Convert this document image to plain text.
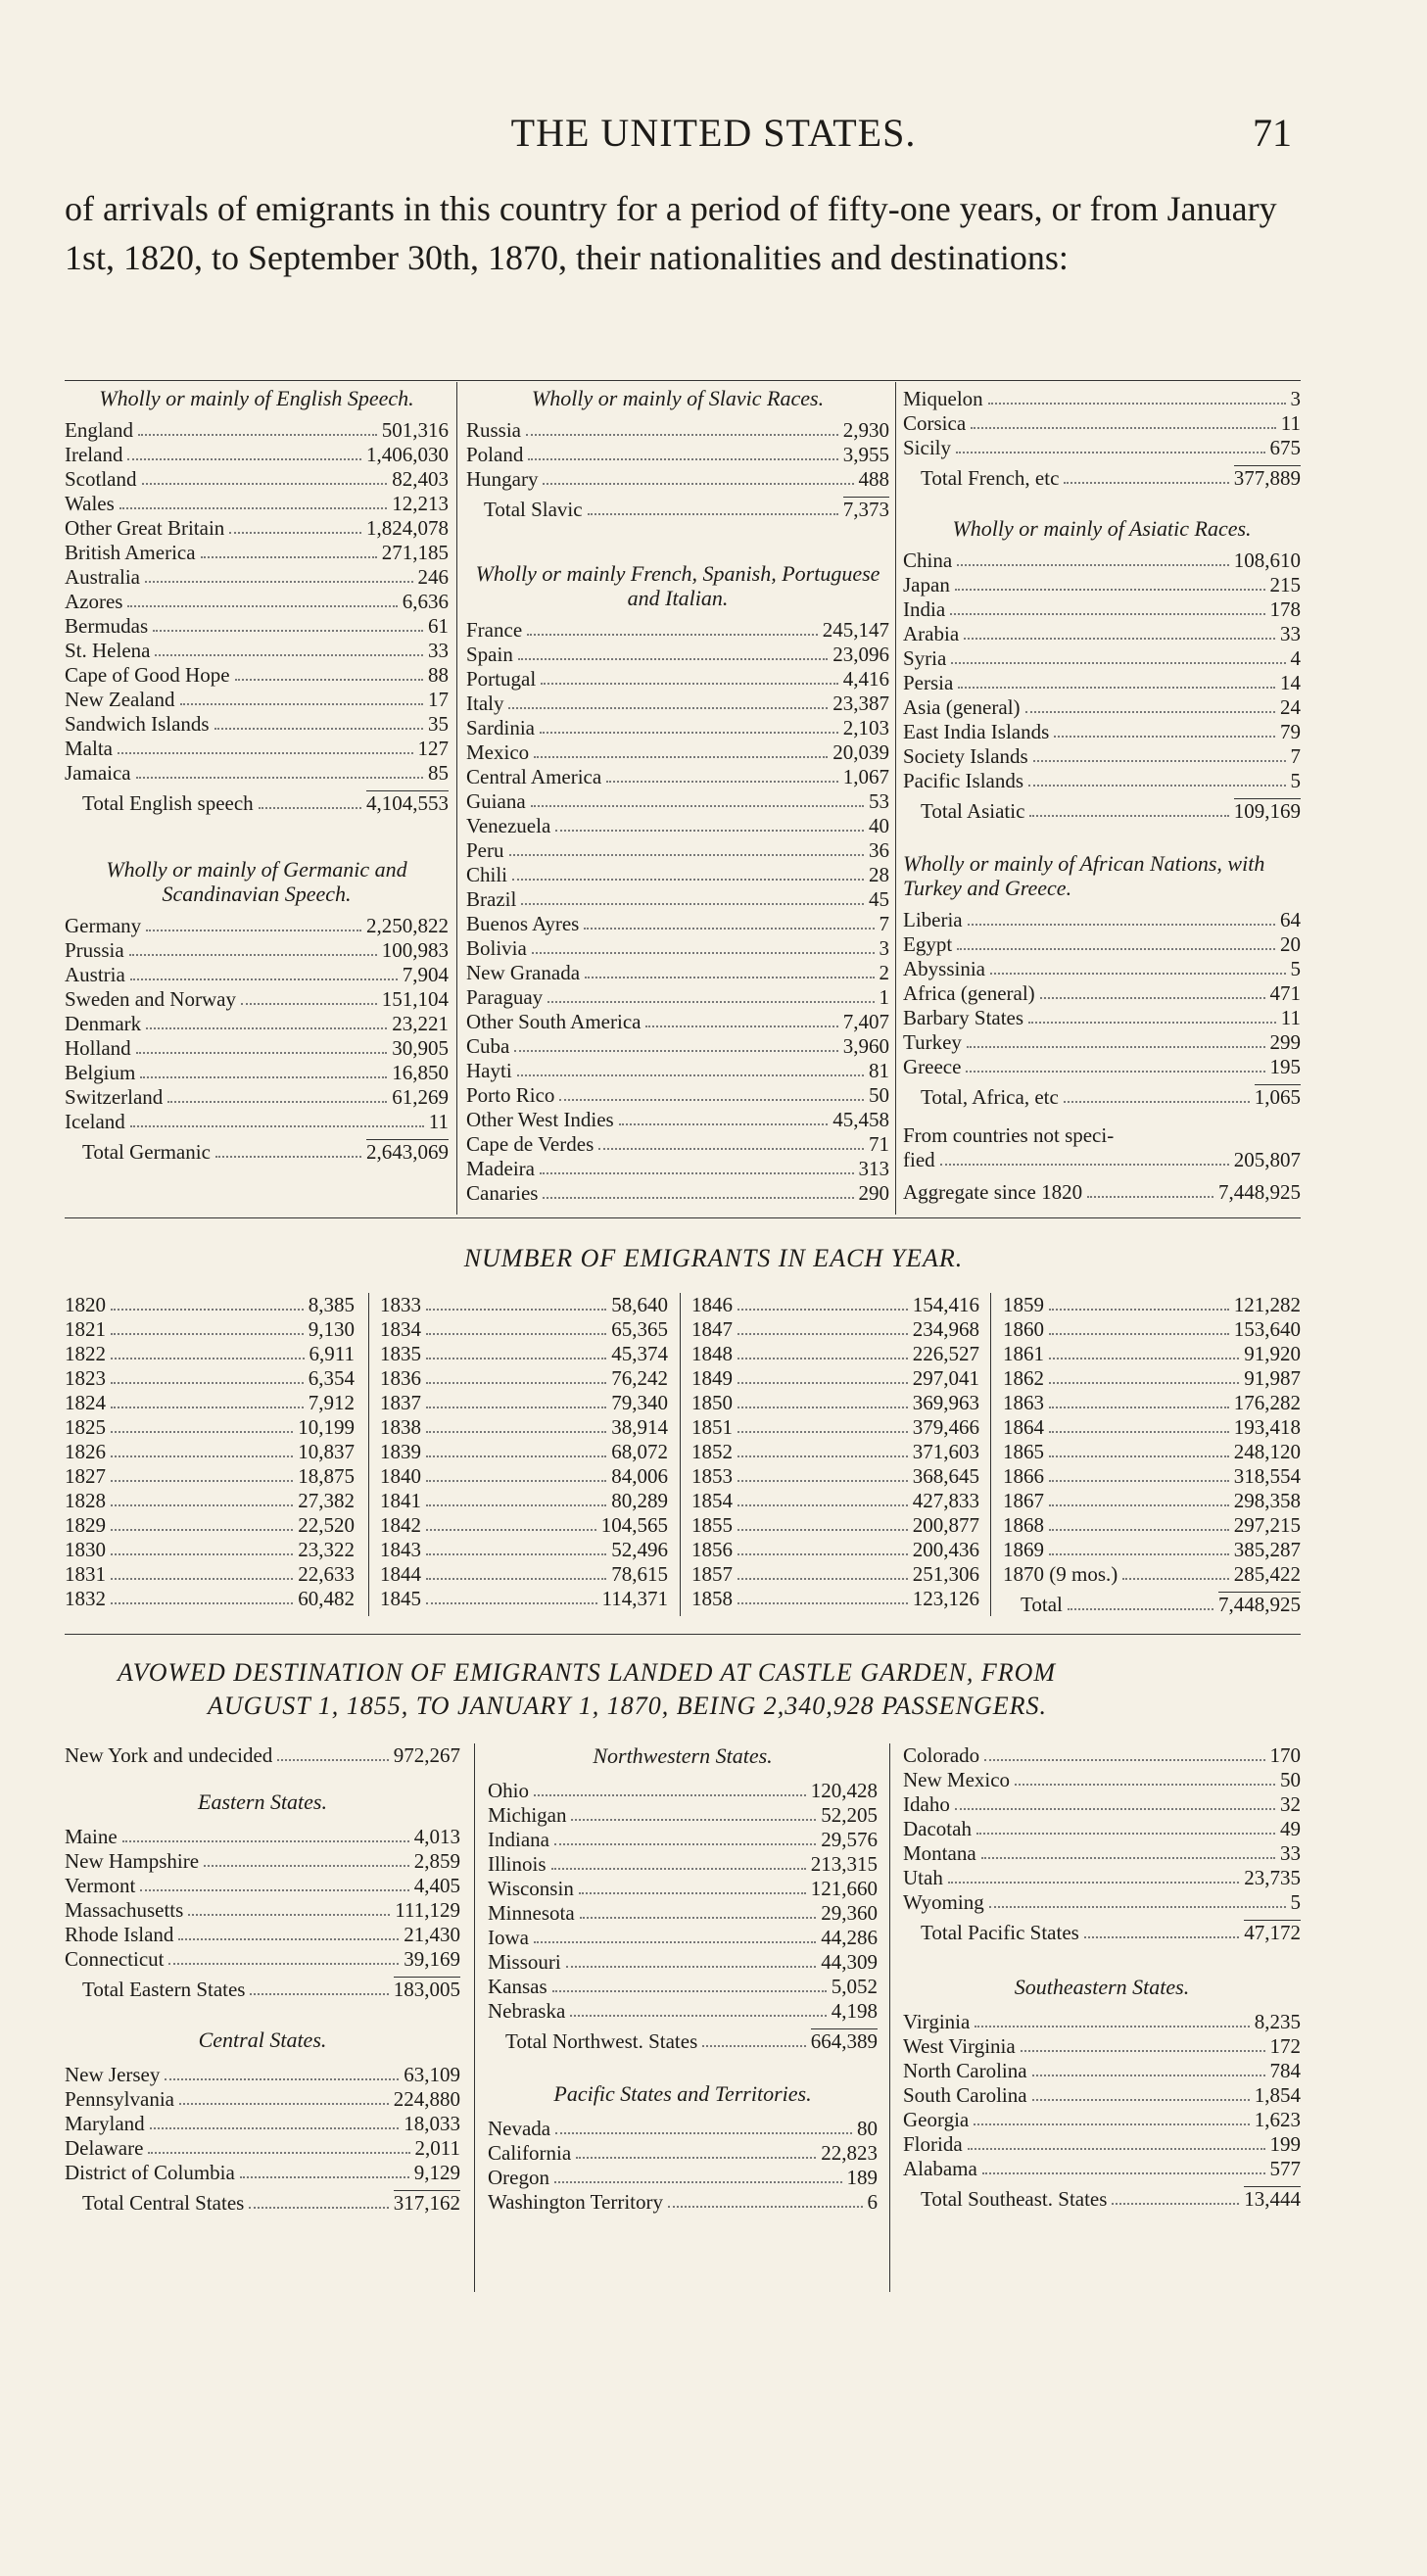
THE UNITED STATES.	71
of arrivals of emigrants in this country for a period of fifty-one years, or from January 1st, 1820, to September 30th, 1870, their nationalities and destinations:
Wholly or mainly of English Speech.
England	501,316
Ireland	1,406,030
Scotland	82,403
Wales	12,213
Other Great Britain	1,824,078
British America	271,185
Australia	246
Azores	6,636
Bermudas	61
St. Helena	33
Cape of Good Hope	88
New Zealand	17
Sandwich Islands	35
Malta	127
Jamaica	85
Total English speech	4,104,553
Wholly or mainly of Germanic and Scandinavian Speech.
Germany	2,250,822
Prussia	100,983
Austria	7,904
Sweden and Norway	151,104
Denmark	23,221
Holland	30,905
Belgium	16,850
Switzerland	61,269
Iceland	11
Total Germanic	2,643,069
Wholly or mainly of Slavic Races.
Russia	2,930
Poland	3,955
Hungary	488
Total Slavic	7,373
Wholly or mainly French, Spanish, Portuguese and Italian.
France	245,147
Spain	23,096
Portugal	4,416
Italy	23,387
Sardinia	2,103
Mexico	20,039
Central America	1,067
Guiana	53
Venezuela	40
Peru	36
Chili	28
Brazil	45
Buenos Ayres	7
Bolivia	3
New Granada	2
Paraguay	1
Other South America	7,407
Cuba	3,960
Hayti	81
Porto Rico	50
Other West Indies	45,458
Cape de Verdes	71
Madeira	313
Canaries	290
Miquelon	3
Corsica	11
Sicily	675
Total French, etc	377,889
Wholly or mainly of Asiatic Races.
China	108,610
Japan	215
India	178
Arabia	33
Syria	4
Persia	14
Asia (general)	24
East India Islands	79
Society Islands	7
Pacific Islands	5
Total Asiatic	109,169
Wholly or mainly of African Nations, with Turkey and Greece.
Liberia	64
Egypt	20
Abyssinia	5
Africa (general)	471
Barbary States	11
Turkey	299
Greece	195
Total, Africa, etc	1,065
From countries not speci-
fied	205,807
Aggregate since 1820	7,448,925
NUMBER OF EMIGRANTS IN EACH YEAR.
1820	8,385
1821	9,130
1822	6,911
1823	6,354
1824	7,912
1825	10,199
1826	10,837
1827	18,875
1828	27,382
1829	22,520
1830	23,322
1831	22,633
1832	60,482
1833	58,640
1834	65,365
1835	45,374
1836	76,242
1837	79,340
1838	38,914
1839	68,072
1840	84,006
1841	80,289
1842	104,565
1843	52,496
1844	78,615
1845	114,371
1846	154,416
1847	234,968
1848	226,527
1849	297,041
1850	369,963
1851	379,466
1852	371,603
1853	368,645
1854	427,833
1855	200,877
1856	200,436
1857	251,306
1858	123,126
1859	121,282
1860	153,640
1861	91,920
1862	91,987
1863	176,282
1864	193,418
1865	248,120
1866	318,554
1867	298,358
1868	297,215
1869	385,287
1870 (9 mos.)	285,422
Total	7,448,925
AVOWED DESTINATION OF EMIGRANTS LANDED AT CASTLE GARDEN, FROM
AUGUST 1, 1855, TO JANUARY 1, 1870, BEING 2,340,928 PASSENGERS.
New York and undecided	972,267
Eastern States.
Maine	4,013
New Hampshire	2,859
Vermont	4,405
Massachusetts	111,129
Rhode Island	21,430
Connecticut	39,169
Total Eastern States	183,005
Central States.
New Jersey	63,109
Pennsylvania	224,880
Maryland	18,033
Delaware	2,011
District of Columbia	9,129
Total Central States	317,162
Northwestern States.
Ohio	120,428
Michigan	52,205
Indiana	29,576
Illinois	213,315
Wisconsin	121,660
Minnesota	29,360
Iowa	44,286
Missouri	44,309
Kansas	5,052
Nebraska	4,198
Total Northwest. States	664,389
Pacific States and Territories.
Nevada	80
California	22,823
Oregon	189
Washington Territory	6
Colorado	170
New Mexico	50
Idaho	32
Dacotah	49
Montana	33
Utah	23,735
Wyoming	5
Total Pacific States	47,172
Southeastern States.
Virginia	8,235
West Virginia	172
North Carolina	784
South Carolina	1,854
Georgia	1,623
Florida	199
Alabama	577
Total Southeast. States	13,444
